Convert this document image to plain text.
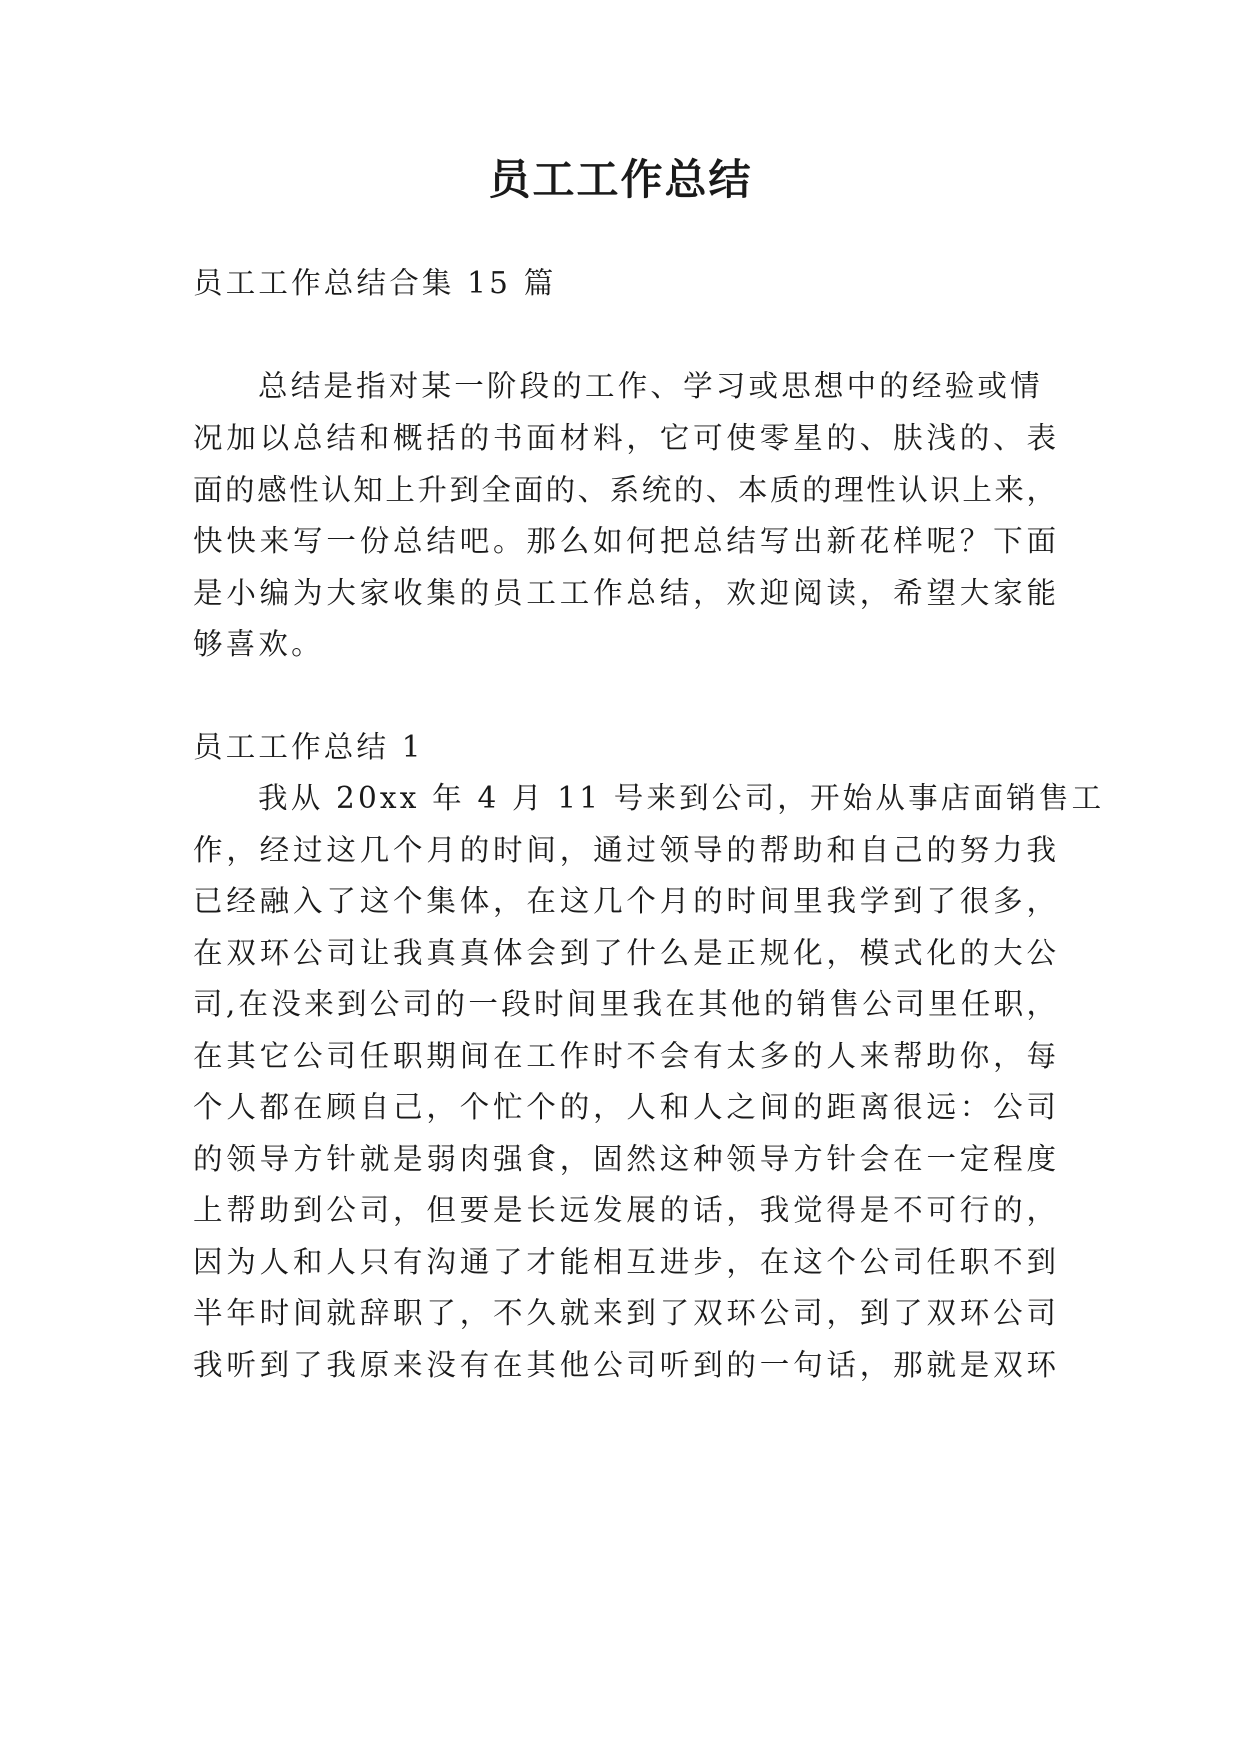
员工工作总结

员工工作总结合集 15 篇

总结是指对某一阶段的工作、学习或思想中的经验或情

况加以总结和概括的书面材料，它可使零星的、肤浅的、表

面的感性认知上升到全面的、系统的、本质的理性认识上来，

快快来写一份总结吧。那么如何把总结写出新花样呢？下面

是小编为大家收集的员工工作总结，欢迎阅读，希望大家能

够喜欢。

员工工作总结 1

我从 20xx 年 4 月 11 号来到公司，开始从事店面销售工

作，经过这几个月的时间，通过领导的帮助和自己的努力我

已经融入了这个集体，在这几个月的时间里我学到了很多，

在双环公司让我真真体会到了什么是正规化，模式化的大公

司,在没来到公司的一段时间里我在其他的销售公司里任职，

在其它公司任职期间在工作时不会有太多的人来帮助你，每

个人都在顾自己，个忙个的，人和人之间的距离很远：公司

的领导方针就是弱肉强食，固然这种领导方针会在一定程度

上帮助到公司，但要是长远发展的话，我觉得是不可行的，

因为人和人只有沟通了才能相互进步，在这个公司任职不到

半年时间就辞职了，不久就来到了双环公司，到了双环公司

我听到了我原来没有在其他公司听到的一句话，那就是双环
